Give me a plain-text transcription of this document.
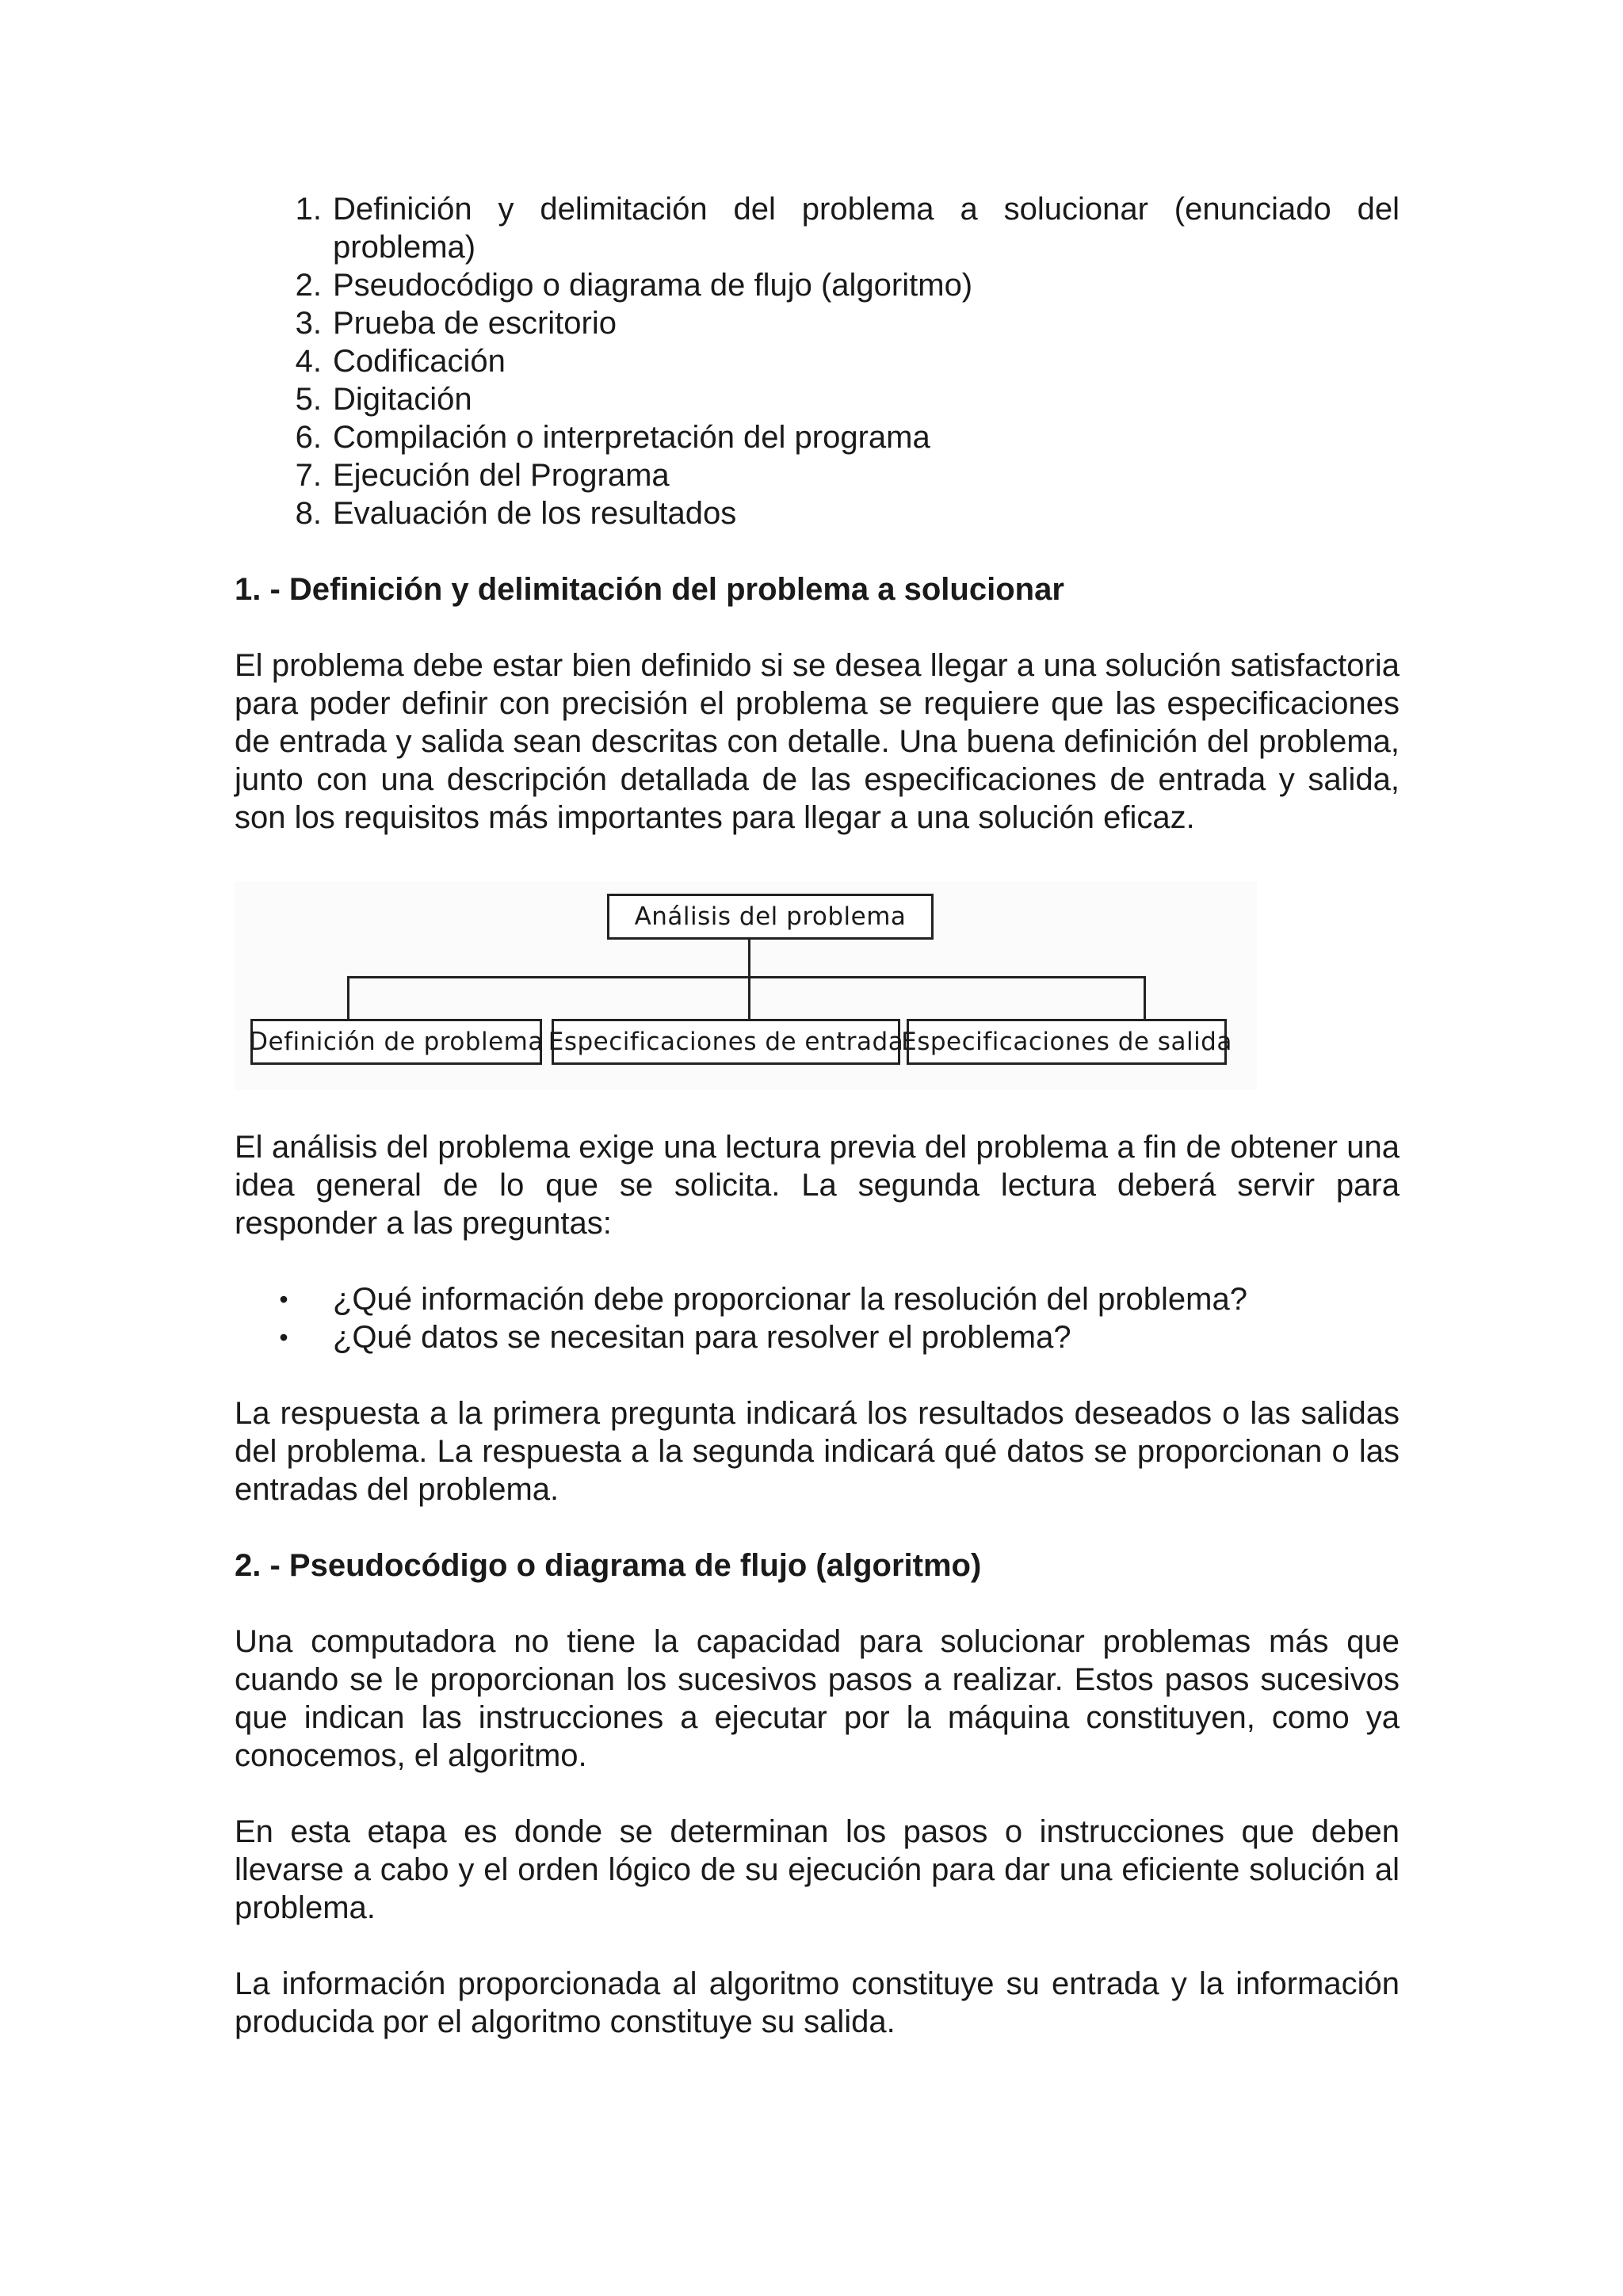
1. Definición y delimitación del problema a solucionar (enunciado del problema)
2. Pseudocódigo o diagrama de flujo (algoritmo)
3. Prueba de escritorio
4. Codificación
5. Digitación
6. Compilación o interpretación del programa
7. Ejecución del Programa
8. Evaluación de los resultados
1. - Definición y delimitación del problema a solucionar

El problema debe estar bien definido si se desea llegar a una solución satisfactoria para poder definir con precisión el problema se requiere que las especificaciones de entrada y salida sean descritas con detalle. Una buena definición del problema, junto con una descripción detallada de las especificaciones de entrada y salida, son los requisitos más importantes para llegar a una solución eficaz.

Análisis del problema
Definición de problema Especificaciones de entrada
Especificaciones de salida

El análisis del problema exige una lectura previa del problema a fin de obtener una idea general de lo que se solicita. La segunda lectura deberá servir para responder a las preguntas:

•	¿Qué información debe proporcionar la resolución del problema?
•	¿Qué datos se necesitan para resolver el problema?

La respuesta a la primera pregunta indicará los resultados deseados o las salidas del problema. La respuesta a la segunda indicará qué datos se proporcionan o las entradas del problema.

2. - Pseudocódigo o diagrama de flujo (algoritmo)

Una computadora no tiene la capacidad para solucionar problemas más que cuando se le proporcionan los sucesivos pasos a realizar. Estos pasos sucesivos que indican las instrucciones a ejecutar por la máquina constituyen, como ya conocemos, el algoritmo.

En esta etapa es donde se determinan los pasos o instrucciones que deben llevarse a cabo y el orden lógico de su ejecución para dar una eficiente solución al problema.

La información proporcionada al algoritmo constituye su entrada y la información producida por el algoritmo constituye su salida.
